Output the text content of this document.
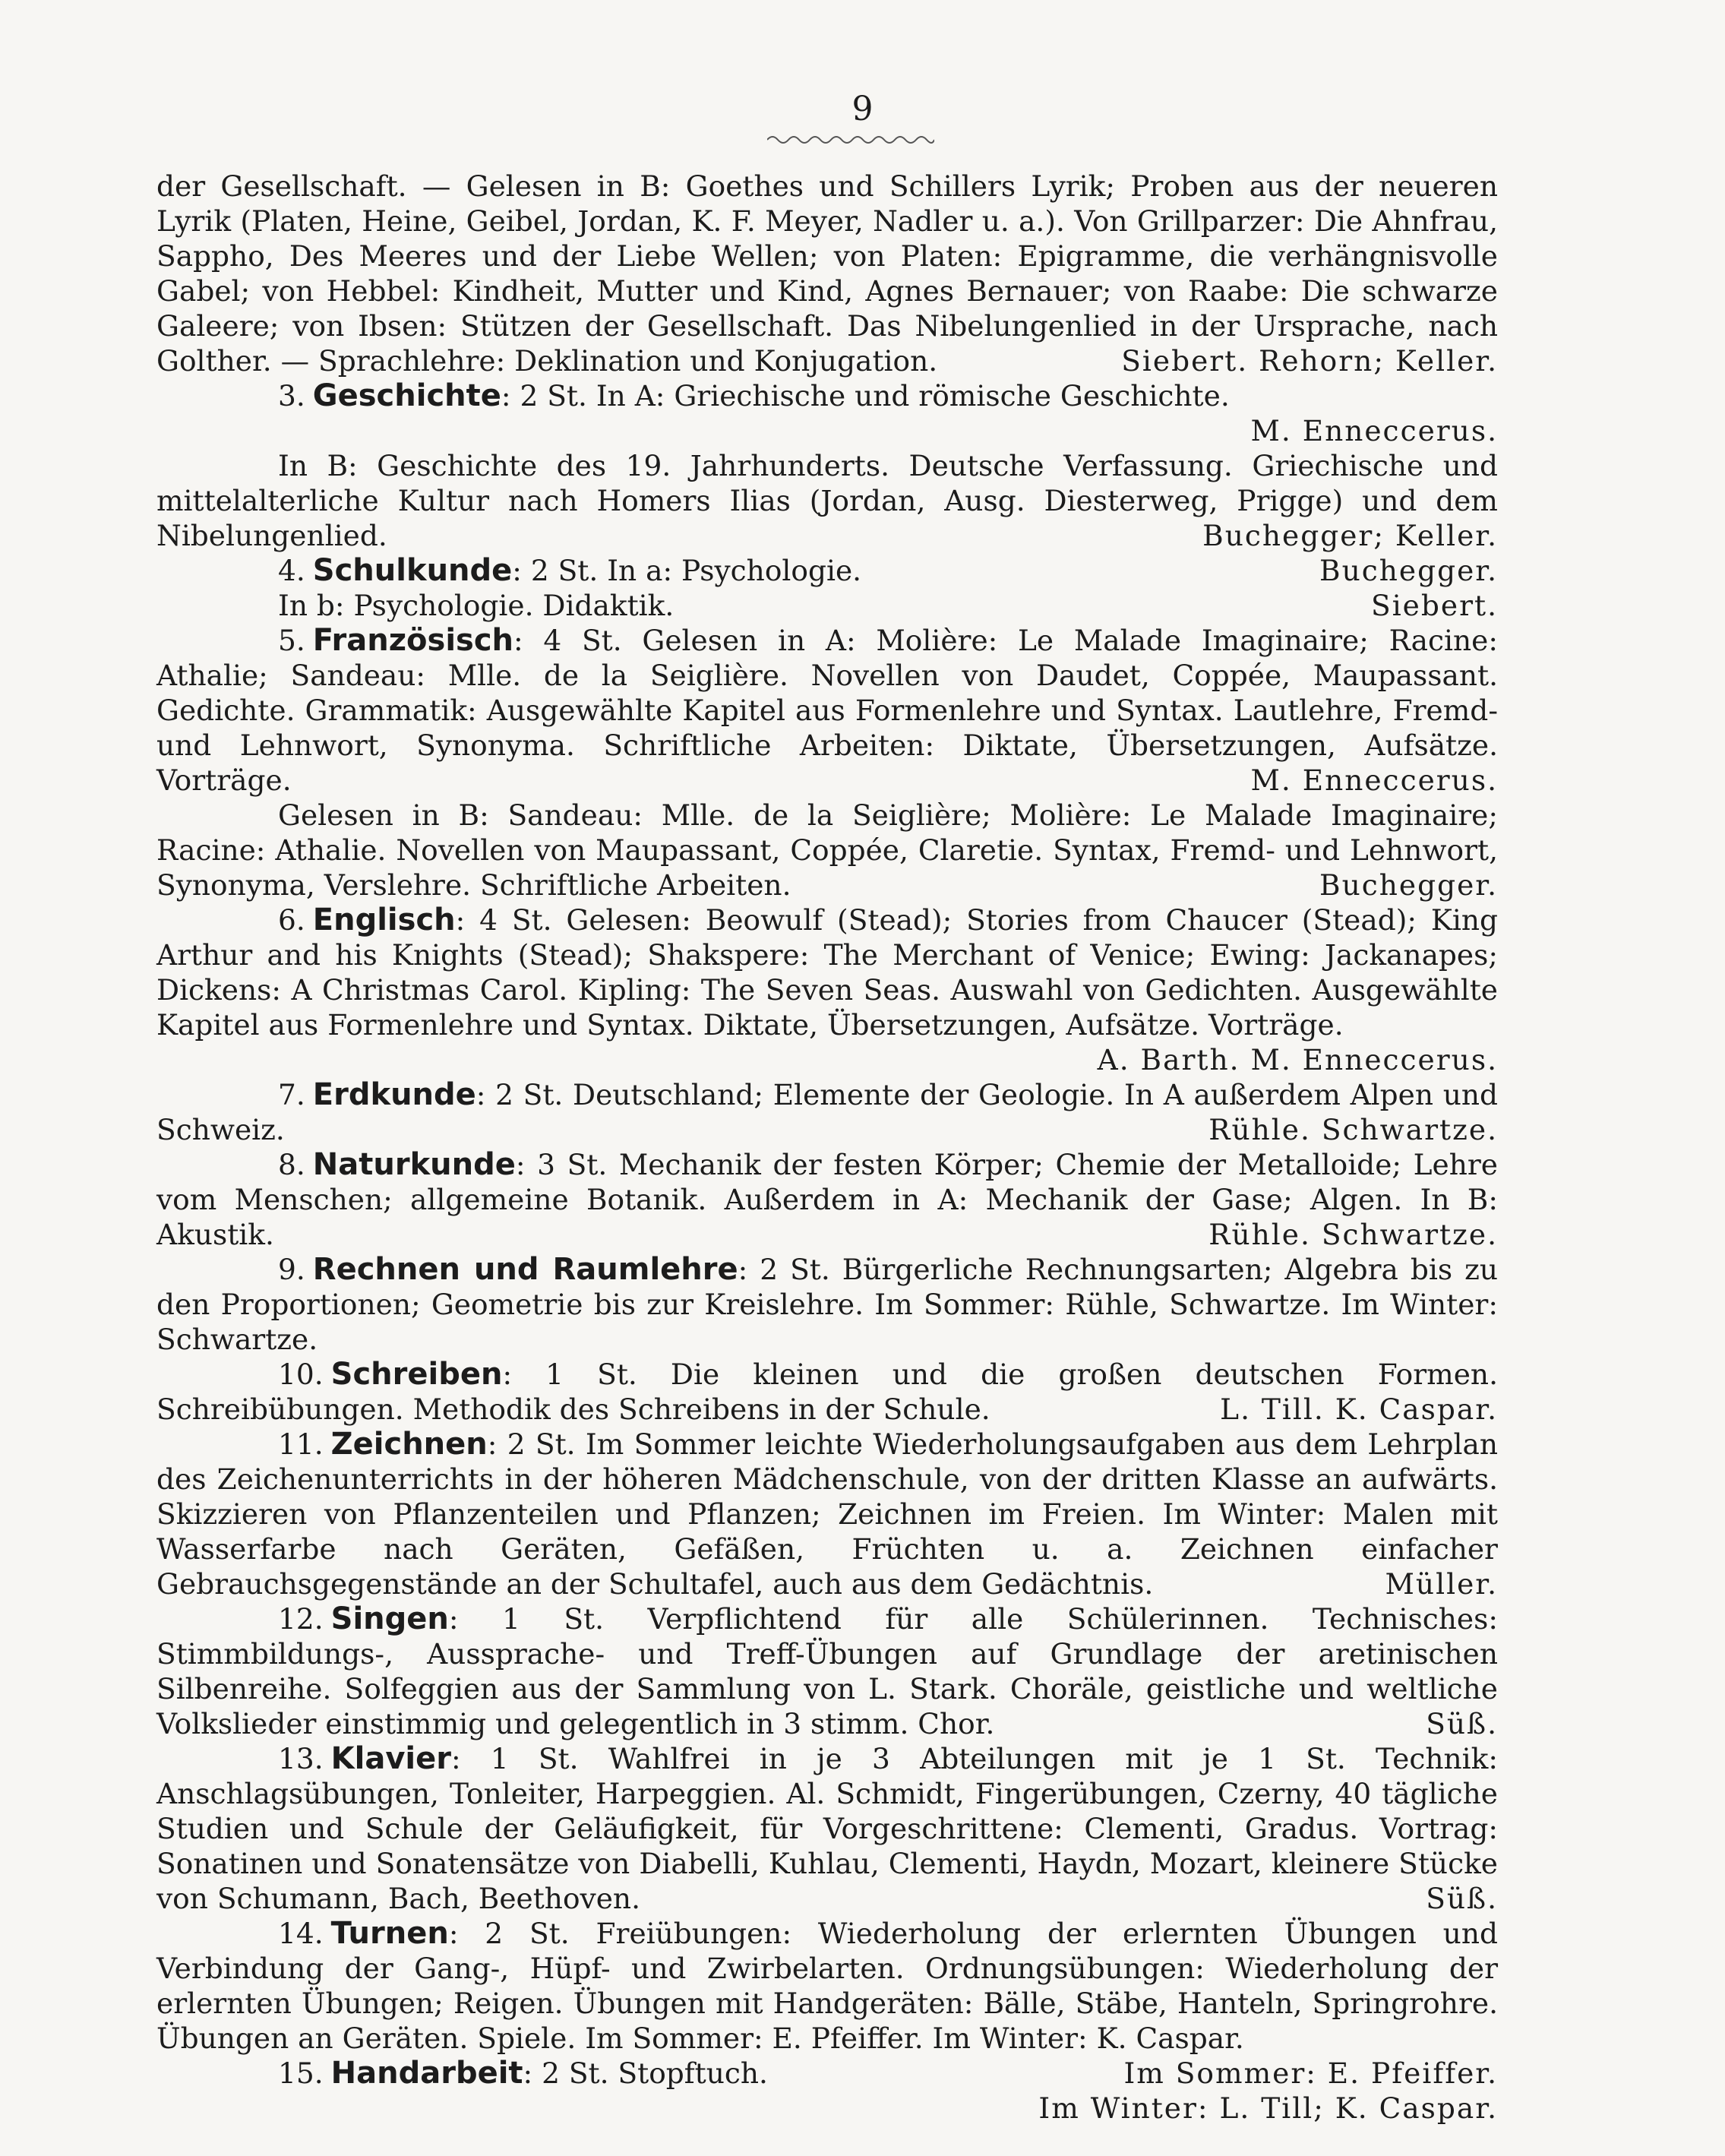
9

der Gesellschaft. — Gelesen in B: Goethes und Schillers Lyrik; Proben aus der neueren Lyrik (Platen, Heine, Geibel, Jordan, K. F. Meyer, Nadler u. a.). Von Grillparzer: Die Ahnfrau, Sappho, Des Meeres und der Liebe Wellen; von Platen: Epigramme, die verhängnisvolle Gabel; von Hebbel: Kindheit, Mutter und Kind, Agnes Bernauer; von Raabe: Die schwarze Galeere; von Ibsen: Stützen der Gesellschaft. Das Nibelungenlied in der Ursprache, nach Golther. — Sprachlehre: Deklination und Konjugation.	Siebert. Rehorn; Keller.

3. Geschichte: 2 St. In A: Griechische und römische Geschichte.
M. Enneccerus.

In B: Geschichte des 19. Jahrhunderts. Deutsche Verfassung. Griechische und mittelalterliche Kultur nach Homers Ilias (Jordan, Ausg. Diesterweg, Prigge) und dem Nibelungenlied.	Buchegger; Keller.

4. Schulkunde: 2 St. In a: Psychologie.	Buchegger.

In b: Psychologie. Didaktik.	Siebert.

5. Französisch: 4 St. Gelesen in A: Molière: Le Malade Imaginaire; Racine: Athalie; Sandeau: Mlle. de la Seiglière. Novellen von Daudet, Coppée, Maupassant. Gedichte. Grammatik: Ausgewählte Kapitel aus Formenlehre und Syntax. Lautlehre, Fremd- und Lehnwort, Synonyma. Schriftliche Arbeiten: Diktate, Übersetzungen, Aufsätze. Vorträge.	M. Enneccerus.

Gelesen in B: Sandeau: Mlle. de la Seiglière; Molière: Le Malade Imaginaire; Racine: Athalie. Novellen von Maupassant, Coppée, Claretie. Syntax, Fremd- und Lehnwort, Synonyma, Verslehre. Schriftliche Arbeiten.	Buchegger.

6. Englisch: 4 St. Gelesen: Beowulf (Stead); Stories from Chaucer (Stead); King Arthur and his Knights (Stead); Shakspere: The Merchant of Venice; Ewing: Jackanapes; Dickens: A Christmas Carol. Kipling: The Seven Seas. Auswahl von Gedichten. Ausgewählte Kapitel aus Formenlehre und Syntax. Diktate, Übersetzungen, Aufsätze. Vorträge.
A. Barth. M. Enneccerus.

7. Erdkunde: 2 St. Deutschland; Elemente der Geologie. In A außerdem Alpen und Schweiz.	Rühle. Schwartze.

8. Naturkunde: 3 St. Mechanik der festen Körper; Chemie der Metalloide; Lehre vom Menschen; allgemeine Botanik. Außerdem in A: Mechanik der Gase; Algen. In B: Akustik.	Rühle. Schwartze.

9. Rechnen und Raumlehre: 2 St. Bürgerliche Rechnungsarten; Algebra bis zu den Proportionen; Geometrie bis zur Kreislehre. Im Sommer: Rühle, Schwartze. Im Winter: Schwartze.

10. Schreiben: 1 St. Die kleinen und die großen deutschen Formen. Schreibübungen. Methodik des Schreibens in der Schule.	L. Till. K. Caspar.

11. Zeichnen: 2 St. Im Sommer leichte Wiederholungsaufgaben aus dem Lehrplan des Zeichenunterrichts in der höheren Mädchenschule, von der dritten Klasse an aufwärts. Skizzieren von Pflanzenteilen und Pflanzen; Zeichnen im Freien. Im Winter: Malen mit Wasserfarbe nach Geräten, Gefäßen, Früchten u. a. Zeichnen einfacher Gebrauchsgegenstände an der Schultafel, auch aus dem Gedächtnis.	Müller.

12. Singen: 1 St. Verpflichtend für alle Schülerinnen. Technisches: Stimmbildungs-, Aussprache- und Treff-Übungen auf Grundlage der aretinischen Silbenreihe. Solfeggien aus der Sammlung von L. Stark. Choräle, geistliche und weltliche Volkslieder einstimmig und gelegentlich in 3 stimm. Chor.	Süß.

13. Klavier: 1 St. Wahlfrei in je 3 Abteilungen mit je 1 St. Technik: Anschlagsübungen, Tonleiter, Harpeggien. Al. Schmidt, Fingerübungen, Czerny, 40 tägliche Studien und Schule der Geläufigkeit, für Vorgeschrittene: Clementi, Gradus. Vortrag: Sonatinen und Sonatensätze von Diabelli, Kuhlau, Clementi, Haydn, Mozart, kleinere Stücke von Schumann, Bach, Beethoven.	Süß.

14. Turnen: 2 St. Freiübungen: Wiederholung der erlernten Übungen und Verbindung der Gang-, Hüpf- und Zwirbelarten. Ordnungsübungen: Wiederholung der erlernten Übungen; Reigen. Übungen mit Handgeräten: Bälle, Stäbe, Hanteln, Springrohre. Übungen an Geräten. Spiele. Im Sommer: E. Pfeiffer. Im Winter: K. Caspar.

15. Handarbeit: 2 St. Stopftuch.	Im Sommer: E. Pfeiffer.

Im Winter: L. Till; K. Caspar.
